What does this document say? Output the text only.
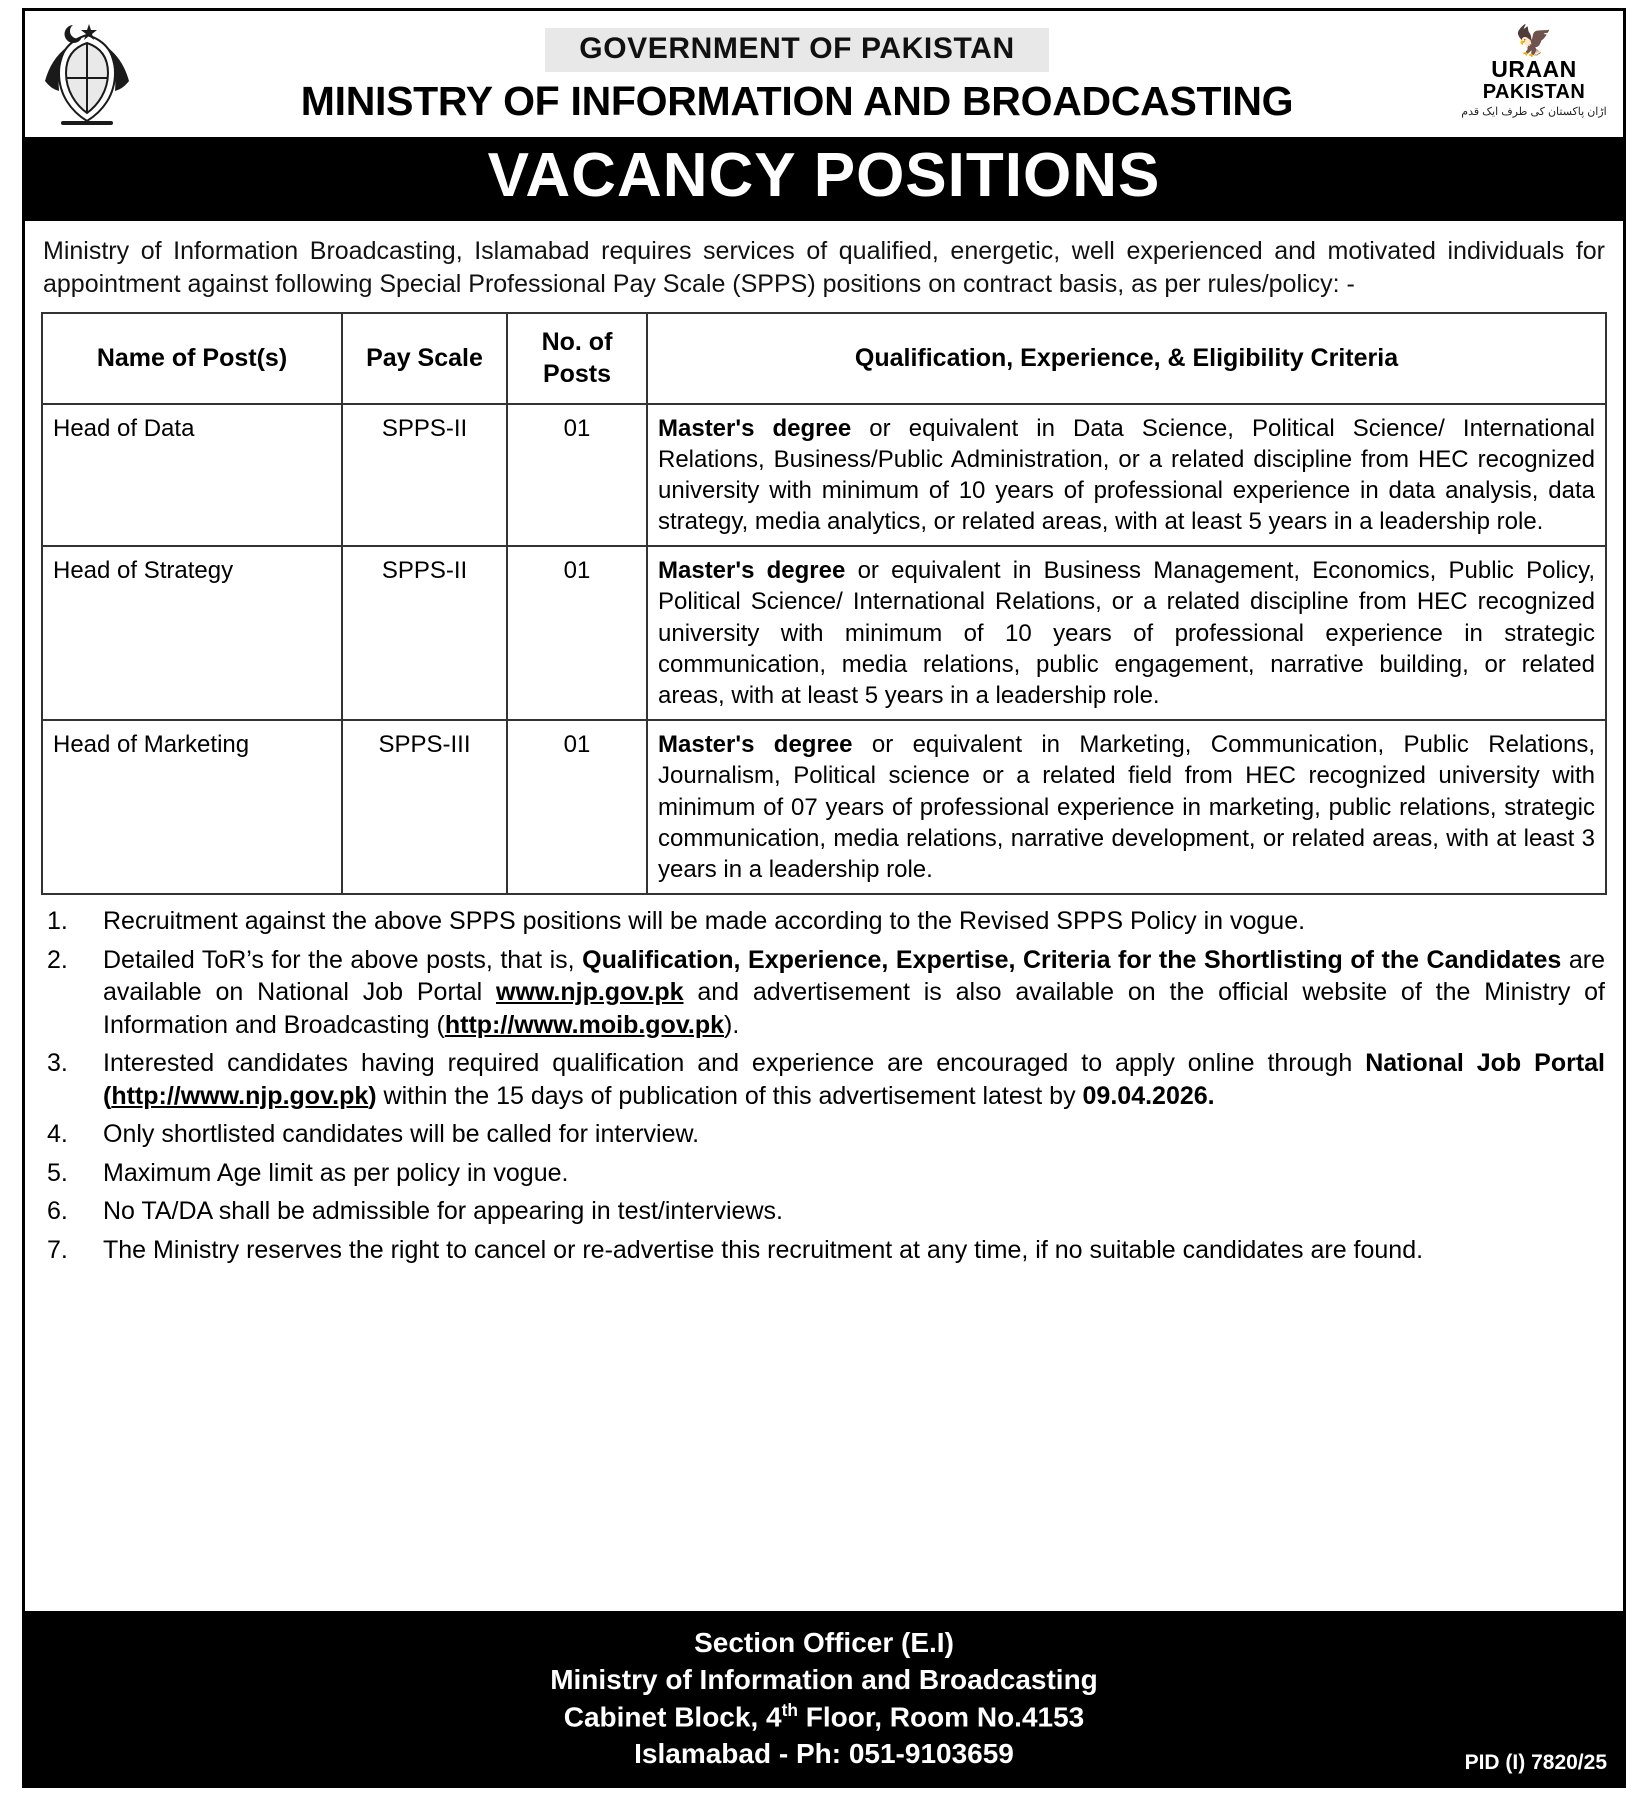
GOVERNMENT OF PAKISTAN
MINISTRY OF INFORMATION AND BROADCASTING
🦅
URAAN
PAKISTAN
اڑان پاکستان کی طرف ایک قدم
VACANCY POSITIONS
Ministry of Information Broadcasting, Islamabad requires services of qualified, energetic, well experienced and motivated individuals for appointment against following Special Professional Pay Scale (SPPS) positions on contract basis, as per rules/policy: -
Name of Post(s)	Pay Scale	No. of Posts	Qualification, Experience, & Eligibility Criteria
Head of Data	SPPS-II	01	Master's degree or equivalent in Data Science, Political Science/ International Relations, Business/Public Administration, or a related discipline from HEC recognized university with minimum of 10 years of professional experience in data analysis, data strategy, media analytics, or related areas, with at least 5 years in a leadership role.
Head of Strategy	SPPS-II	01	Master's degree or equivalent in Business Management, Economics, Public Policy, Political Science/ International Relations, or a related discipline from HEC recognized university with minimum of 10 years of professional experience in strategic communication, media relations, public engagement, narrative building, or related areas, with at least 5 years in a leadership role.
Head of Marketing	SPPS-III	01	Master's degree or equivalent in Marketing, Communication, Public Relations, Journalism, Political science or a related field from HEC recognized university with minimum of 07 years of professional experience in marketing, public relations, strategic communication, media relations, narrative development, or related areas, with at least 3 years in a leadership role.
1.	Recruitment against the above SPPS positions will be made according to the Revised SPPS Policy in vogue.
2.	Detailed ToR’s for the above posts, that is, Qualification, Experience, Expertise, Criteria for the Shortlisting of the Candidates are available on National Job Portal www.njp.gov.pk and advertisement is also available on the official website of the Ministry of Information and Broadcasting (http://www.moib.gov.pk).
3.	Interested candidates having required qualification and experience are encouraged to apply online through National Job Portal (http://www.njp.gov.pk) within the 15 days of publication of this advertisement latest by 09.04.2026.
4.	Only shortlisted candidates will be called for interview.
5.	Maximum Age limit as per policy in vogue.
6.	No TA/DA shall be admissible for appearing in test/interviews.
7.	The Ministry reserves the right to cancel or re-advertise this recruitment at any time, if no suitable candidates are found.
Section Officer (E.I)
Ministry of Information and Broadcasting
Cabinet Block, 4th Floor, Room No.4153
Islamabad - Ph: 051-9103659	PID (I) 7820/25
